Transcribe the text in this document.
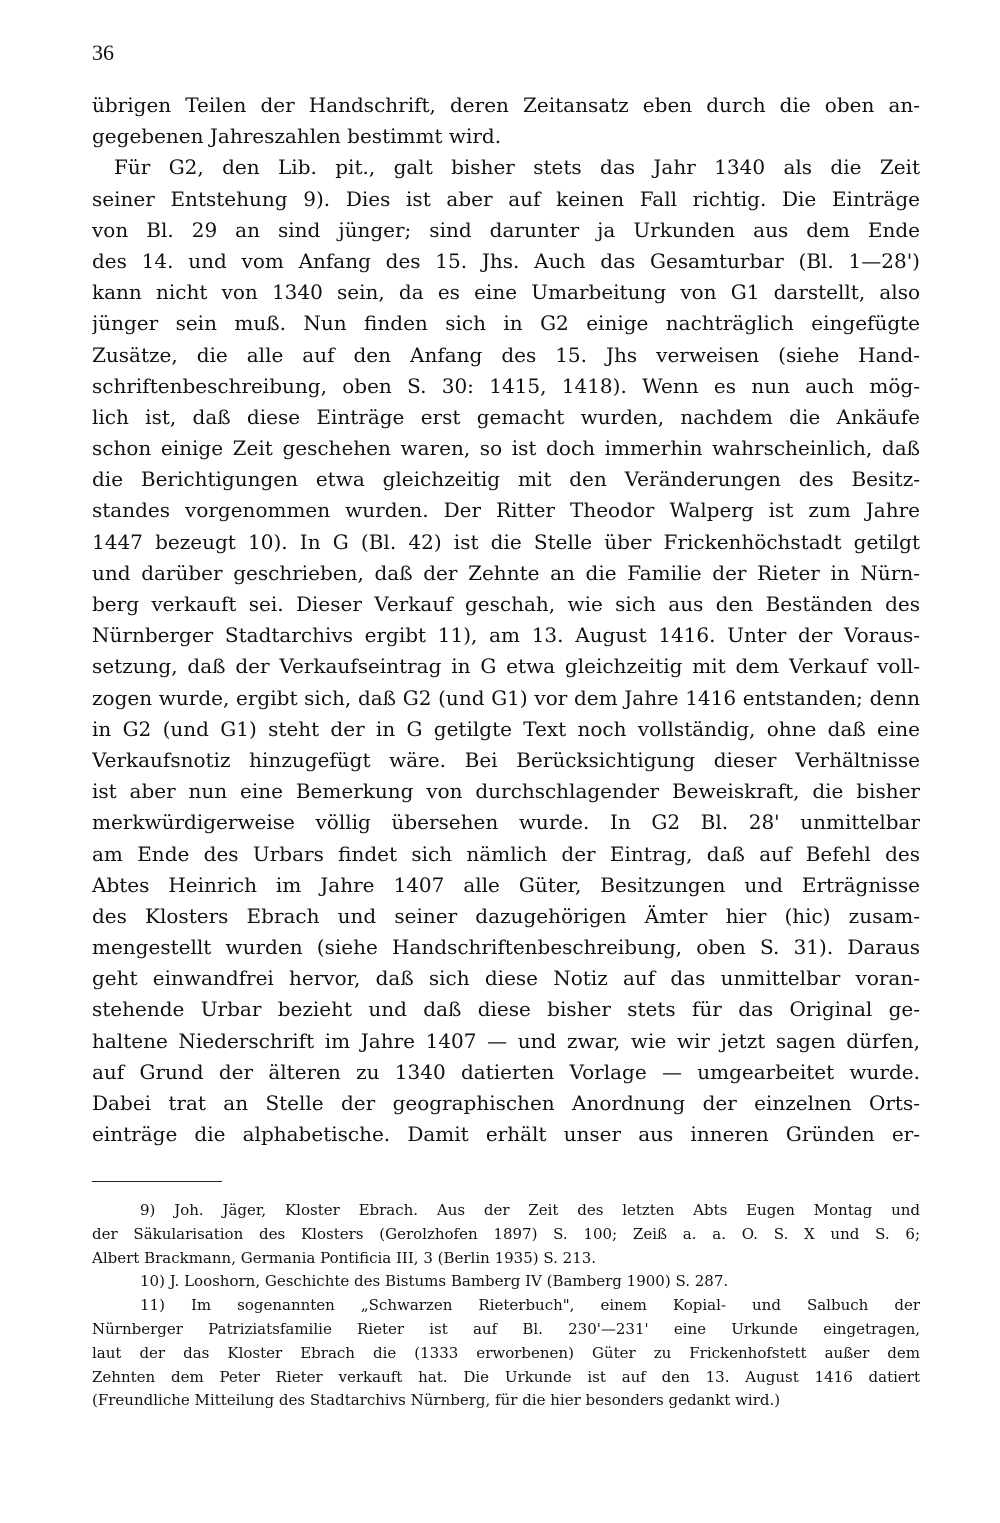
36
übrigen Teilen der Handschrift, deren Zeitansatz eben durch die oben an-
gegebenen Jahreszahlen bestimmt wird.
Für G2, den Lib. pit., galt bisher stets das Jahr 1340 als die Zeit
seiner Entstehung 9). Dies ist aber auf keinen Fall richtig. Die Einträge
von Bl. 29 an sind jünger; sind darunter ja Urkunden aus dem Ende
des 14. und vom Anfang des 15. Jhs. Auch das Gesamturbar (Bl. 1—28')
kann nicht von 1340 sein, da es eine Umarbeitung von G1 darstellt, also
jünger sein muß. Nun finden sich in G2 einige nachträglich eingefügte
Zusätze, die alle auf den Anfang des 15. Jhs verweisen (siehe Hand-
schriftenbeschreibung, oben S. 30: 1415, 1418). Wenn es nun auch mög-
lich ist, daß diese Einträge erst gemacht wurden, nachdem die Ankäufe
schon einige Zeit geschehen waren, so ist doch immerhin wahrscheinlich, daß
die Berichtigungen etwa gleichzeitig mit den Veränderungen des Besitz-
standes vorgenommen wurden. Der Ritter Theodor Walperg ist zum Jahre
1447 bezeugt 10). In G (Bl. 42) ist die Stelle über Frickenhöchstadt getilgt
und darüber geschrieben, daß der Zehnte an die Familie der Rieter in Nürn-
berg verkauft sei. Dieser Verkauf geschah, wie sich aus den Beständen des
Nürnberger Stadtarchivs ergibt 11), am 13. August 1416. Unter der Voraus-
setzung, daß der Verkaufseintrag in G etwa gleichzeitig mit dem Verkauf voll-
zogen wurde, ergibt sich, daß G2 (und G1) vor dem Jahre 1416 entstanden; denn
in G2 (und G1) steht der in G getilgte Text noch vollständig, ohne daß eine
Verkaufsnotiz hinzugefügt wäre. Bei Berücksichtigung dieser Verhältnisse
ist aber nun eine Bemerkung von durchschlagender Beweiskraft, die bisher
merkwürdigerweise völlig übersehen wurde. In G2 Bl. 28' unmittelbar
am Ende des Urbars findet sich nämlich der Eintrag, daß auf Befehl des
Abtes Heinrich im Jahre 1407 alle Güter, Besitzungen und Erträgnisse
des Klosters Ebrach und seiner dazugehörigen Ämter hier (hic) zusam-
mengestellt wurden (siehe Handschriftenbeschreibung, oben S. 31). Daraus
geht einwandfrei hervor, daß sich diese Notiz auf das unmittelbar voran-
stehende Urbar bezieht und daß diese bisher stets für das Original ge-
haltene Niederschrift im Jahre 1407 — und zwar, wie wir jetzt sagen dürfen,
auf Grund der älteren zu 1340 datierten Vorlage — umgearbeitet wurde.
Dabei trat an Stelle der geographischen Anordnung der einzelnen Orts-
einträge die alphabetische. Damit erhält unser aus inneren Gründen er-
9) Joh. Jäger, Kloster Ebrach. Aus der Zeit des letzten Abts Eugen Montag und
der Säkularisation des Klosters (Gerolzhofen 1897) S. 100; Zeiß a. a. O. S. X und S. 6;
Albert Brackmann, Germania Pontificia III, 3 (Berlin 1935) S. 213.
10) J. Looshorn, Geschichte des Bistums Bamberg IV (Bamberg 1900) S. 287.
11) Im sogenannten „Schwarzen Rieterbuch", einem Kopial- und Salbuch der
Nürnberger Patriziatsfamilie Rieter ist auf Bl. 230'—231' eine Urkunde eingetragen,
laut der das Kloster Ebrach die (1333 erworbenen) Güter zu Frickenhofstett außer dem
Zehnten dem Peter Rieter verkauft hat. Die Urkunde ist auf den 13. August 1416 datiert
(Freundliche Mitteilung des Stadtarchivs Nürnberg, für die hier besonders gedankt wird.)
